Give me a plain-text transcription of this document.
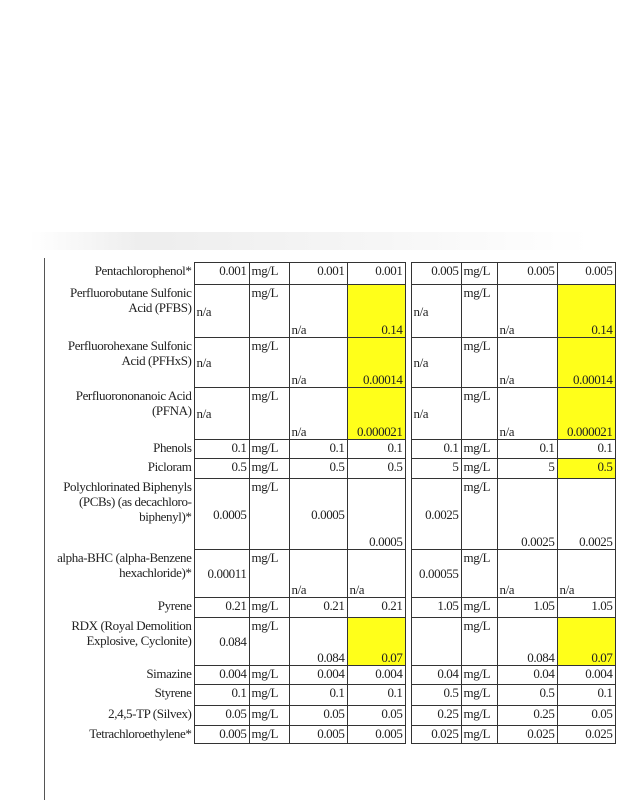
Pentachlorophenol*	0.001	mg/L	0.001	0.001		0.005	mg/L	0.005	0.005

Perfluorobutane Sulfonic
Acid (PFBS)	n/a	mg/L	n/a	0.14		n/a	mg/L	n/a	0.14

Perfluorohexane Sulfonic
Acid (PFHxS)	n/a	mg/L	n/a	0.00014		n/a	mg/L	n/a	0.00014

Perfluorononanoic Acid
(PFNA)	n/a	mg/L	n/a	0.000021		n/a	mg/L	n/a	0.000021

Phenols	0.1	mg/L	0.1	0.1		0.1	mg/L	0.1	0.1

Picloram	0.5	mg/L	0.5	0.5		5	mg/L	5	0.5

Polychlorinated Biphenyls
(PCBs) (as decachloro-
biphenyl)*	0.0005	mg/L	0.0005	0.0005		0.0025	mg/L	0.0025	0.0025

alpha-BHC (alpha-Benzene
hexachloride)*	0.00011	mg/L	n/a	n/a		0.00055	mg/L	n/a	n/a

Pyrene	0.21	mg/L	0.21	0.21		1.05	mg/L	1.05	1.05

RDX (Royal Demolition
Explosive, Cyclonite)	0.084	mg/L	0.084	0.07			mg/L	0.084	0.07

Simazine	0.004	mg/L	0.004	0.004		0.04	mg/L	0.04	0.004

Styrene	0.1	mg/L	0.1	0.1		0.5	mg/L	0.5	0.1

2,4,5-TP (Silvex)	0.05	mg/L	0.05	0.05		0.25	mg/L	0.25	0.05

Tetrachloroethylene*	0.005	mg/L	0.005	0.005		0.025	mg/L	0.025	0.025
